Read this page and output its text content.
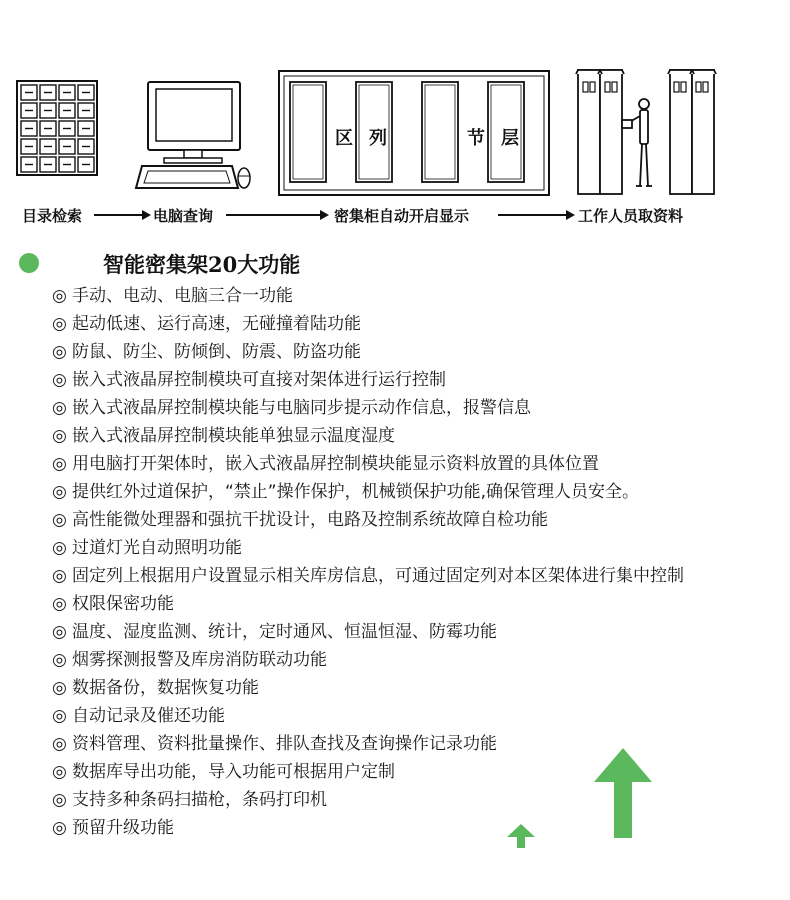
区 列	节 层
目录检索	电脑查询	密集柜自动开启显示	工作人员取资料
智能密集架20大功能
◎ 手动、电动、电脑三合一功能
◎ 起动低速、运行高速，无碰撞着陆功能
◎ 防鼠、防尘、防倾倒、防震、防盗功能
◎ 嵌入式液晶屏控制模块可直接对架体进行运行控制
◎ 嵌入式液晶屏控制模块能与电脑同步提示动作信息，报警信息
◎ 嵌入式液晶屏控制模块能单独显示温度湿度
◎ 用电脑打开架体时，嵌入式液晶屏控制模块能显示资料放置的具体位置
◎ 提供红外过道保护，“禁止”操作保护，机械锁保护功能,确保管理人员安全。
◎ 高性能微处理器和强抗干扰设计，电路及控制系统故障自检功能
◎ 过道灯光自动照明功能
◎ 固定列上根据用户设置显示相关库房信息，可通过固定列对本区架体进行集中控制
◎ 权限保密功能
◎ 温度、湿度监测、统计，定时通风、恒温恒湿、防霉功能
◎ 烟雾探测报警及库房消防联动功能
◎ 数据备份，数据恢复功能
◎ 自动记录及催还功能
◎ 资料管理、资料批量操作、排队查找及查询操作记录功能
◎ 数据库导出功能，导入功能可根据用户定制
◎ 支持多种条码扫描枪，条码打印机
◎ 预留升级功能
